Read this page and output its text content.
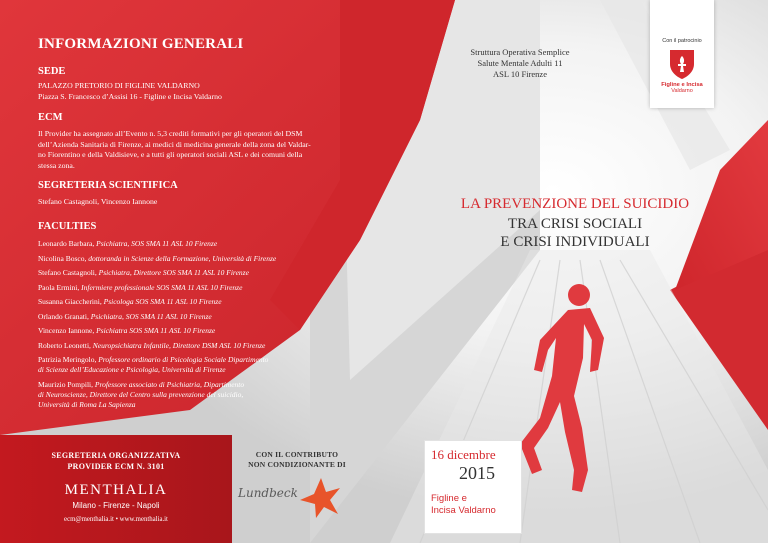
INFORMAZIONI GENERALI
SEDE
PALAZZO PRETORIO DI FIGLINE VALDARNO
Piazza S. Francesco d’Assisi 16 - Figline e Incisa Valdarno
ECM
Il Provider ha assegnato all’Evento n. 5,3 crediti formativi per gli operatori del DSM
dell’Azienda Sanitaria di Firenze, ai medici di medicina generale della zona del Valdar-
no Fiorentino e della Valdisieve, e a tutti gli operatori sociali ASL e dei comuni della
stessa zona.
SEGRETERIA SCIENTIFICA
Stefano Castagnoli, Vincenzo Iannone
FACULTIES
Leonardo Barbara, Psichiatra, SOS SMA 11 ASL 10 Firenze
Nicolina Bosco, dottoranda in Scienze della Formazione, Università di Firenze
Stefano Castagnoli, Psichiatra, Direttore SOS SMA 11 ASL 10 Firenze
Paola Ermini, Infermiere professionale SOS SMA 11 ASL 10 Firenze
Susanna Giaccherini, Psicologa SOS SMA 11 ASL 10 Firenze
Orlando Granati, Psichiatra, SOS SMA 11 ASL 10 Firenze
Vincenzo Iannone, Psichiatra SOS SMA 11 ASL 10 Firenze
Roberto Leonetti, Neuropsichiatra Infantile, Direttore DSM ASL 10 Firenze
Patrizia Meringolo, Professore ordinario di Psicologia Sociale Dipartimento
di Scienze dell’Educazione e Psicologia, Università di Firenze
Maurizio Pompili, Professore associato di Psichiatria, Dipartimento
di Neuroscienze, Direttore del Centro sulla prevenzione del suicidio,
Università di Roma La Sapienza
SEGRETERIA ORGANIZZATIVA
PROVIDER ECM N. 3101
MENTHALIA
Milano - Firenze - Napoli
ecm@menthalia.it • www.menthalia.it
CON IL CONTRIBUTO
NON CONDIZIONANTE DI
Lundbeck
Struttura Operativa Semplice
Salute Mentale Adulti 11
ASL 10 Firenze
Con il patrocinio
Figline e Incisa
Valdarno
LA PREVENZIONE DEL SUICIDIO
TRA CRISI SOCIALI
E CRISI INDIVIDUALI
16 dicembre
2015
Figline e
Incisa Valdarno
